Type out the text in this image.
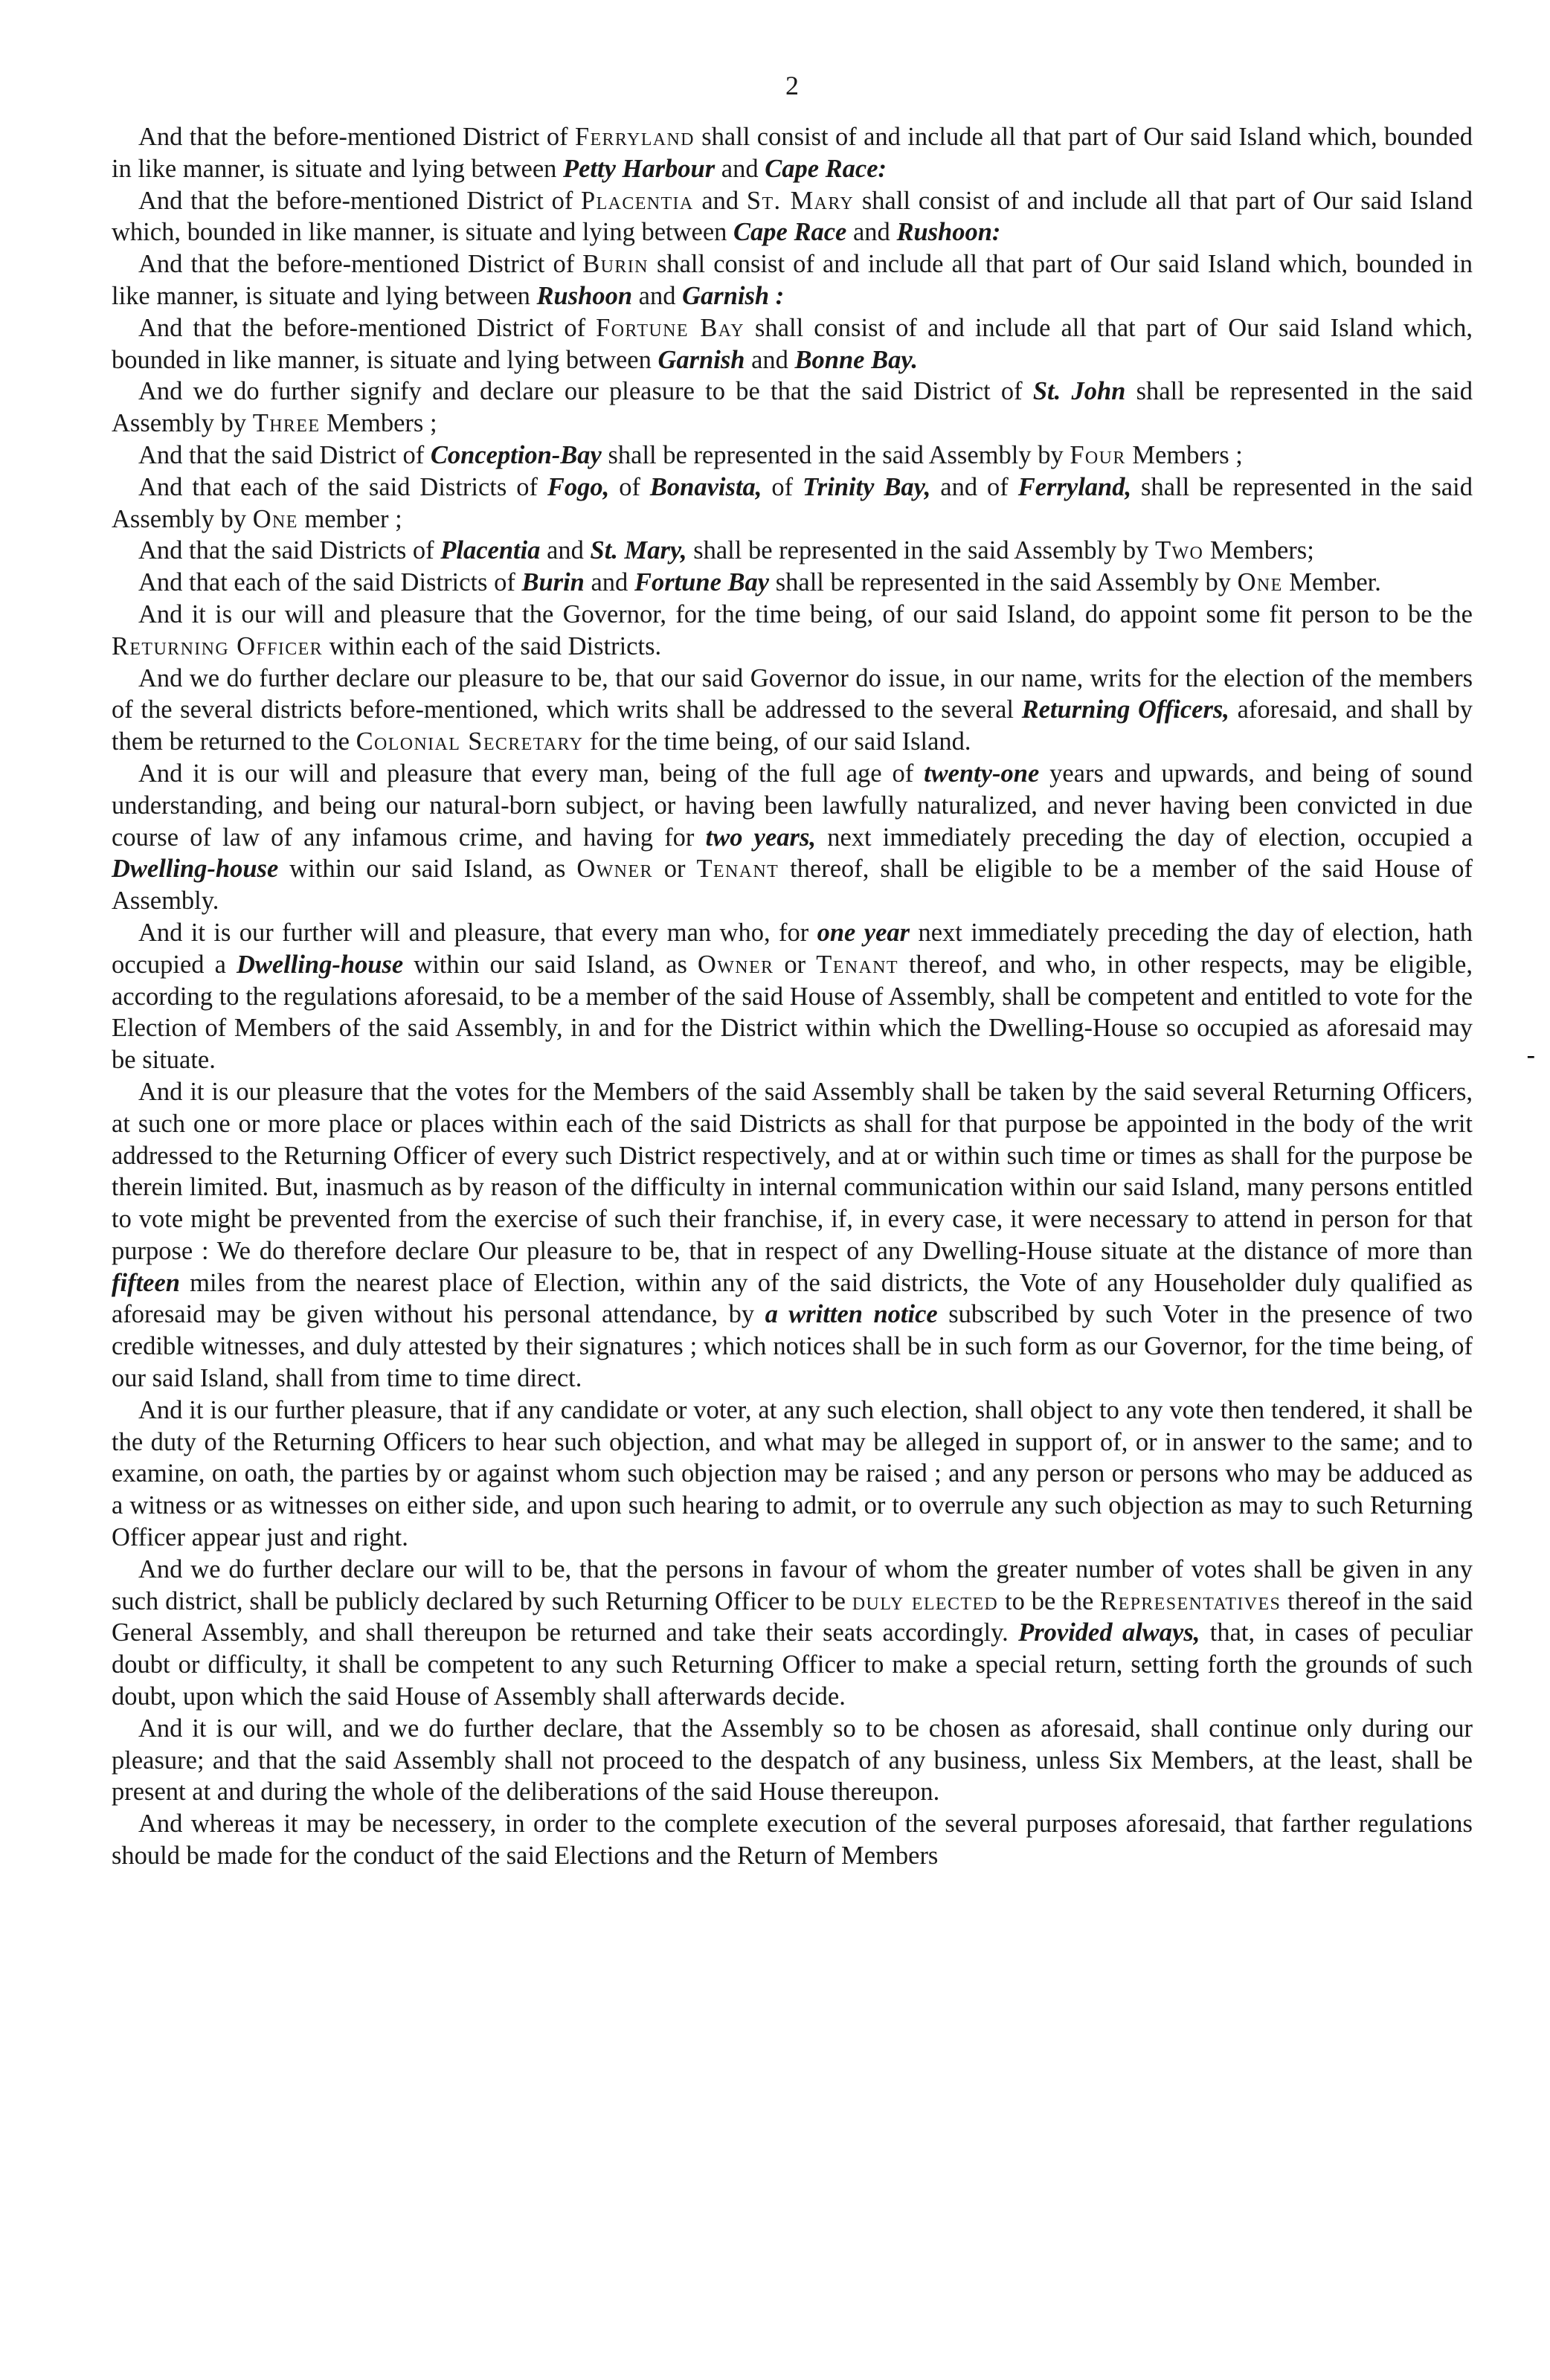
2

And that the before-mentioned District of Ferryland shall consist of and include all that part of Our said Island which, bounded in like manner, is situate and lying between Petty Harbour and Cape Race:

And that the before-mentioned District of Placentia and St. Mary shall consist of and include all that part of Our said Island which, bounded in like manner, is situate and lying between Cape Race and Rushoon:

And that the before-mentioned District of Burin shall consist of and include all that part of Our said Island which, bounded in like manner, is situate and lying between Rushoon and Garnish :

And that the before-mentioned District of Fortune Bay shall consist of and include all that part of Our said Island which, bounded in like manner, is situate and lying between Garnish and Bonne Bay.

And we do further signify and declare our pleasure to be that the said District of St. John shall be represented in the said Assembly by Three Members ;

And that the said District of Conception-Bay shall be represented in the said Assembly by Four Members ;

And that each of the said Districts of Fogo, of Bonavista, of Trinity Bay, and of Ferryland, shall be represented in the said Assembly by One member ;

And that the said Districts of Placentia and St. Mary, shall be represented in the said Assembly by Two Members;

And that each of the said Districts of Burin and Fortune Bay shall be represented in the said Assembly by One Member.

And it is our will and pleasure that the Governor, for the time being, of our said Island, do appoint some fit person to be the Returning Officer within each of the said Districts.

And we do further declare our pleasure to be, that our said Governor do issue, in our name, writs for the election of the members of the several districts before-mentioned, which writs shall be addressed to the several Returning Officers, aforesaid, and shall by them be returned to the Colonial Secretary for the time being, of our said Island.

And it is our will and pleasure that every man, being of the full age of twenty-one years and upwards, and being of sound understanding, and being our natural-born subject, or having been lawfully naturalized, and never having been convicted in due course of law of any infamous crime, and having for two years, next immediately preceding the day of election, occupied a Dwelling-house within our said Island, as Owner or Tenant thereof, shall be eligible to be a member of the said House of Assembly.

And it is our further will and pleasure, that every man who, for one year next immediately preceding the day of election, hath occupied a Dwelling-house within our said Island, as Owner or Tenant thereof, and who, in other respects, may be eligible, according to the regulations aforesaid, to be a member of the said House of Assembly, shall be competent and entitled to vote for the Election of Members of the said Assembly, in and for the District within which the Dwelling-House so occupied as aforesaid may be situate.

And it is our pleasure that the votes for the Members of the said Assembly shall be taken by the said several Returning Officers, at such one or more place or places within each of the said Districts as shall for that purpose be appointed in the body of the writ addressed to the Returning Officer of every such District respectively, and at or within such time or times as shall for the purpose be therein limited. But, inasmuch as by reason of the difficulty in internal communication within our said Island, many persons entitled to vote might be prevented from the exercise of such their franchise, if, in every case, it were necessary to attend in person for that purpose : We do therefore declare Our pleasure to be, that in respect of any Dwelling-House situate at the distance of more than fifteen miles from the nearest place of Election, within any of the said districts, the Vote of any Householder duly qualified as aforesaid may be given without his personal attendance, by a written notice subscribed by such Voter in the presence of two credible witnesses, and duly attested by their signatures ; which notices shall be in such form as our Governor, for the time being, of our said Island, shall from time to time direct.

And it is our further pleasure, that if any candidate or voter, at any such election, shall object to any vote then tendered, it shall be the duty of the Returning Officers to hear such objection, and what may be alleged in support of, or in answer to the same; and to examine, on oath, the parties by or against whom such objection may be raised ; and any person or persons who may be adduced as a witness or as witnesses on either side, and upon such hearing to admit, or to overrule any such objection as may to such Returning Officer appear just and right.

And we do further declare our will to be, that the persons in favour of whom the greater number of votes shall be given in any such district, shall be publicly declared by such Returning Officer to be duly elected to be the Representatives thereof in the said General Assembly, and shall thereupon be returned and take their seats accordingly. Provided always, that, in cases of peculiar doubt or difficulty, it shall be competent to any such Returning Officer to make a special return, setting forth the grounds of such doubt, upon which the said House of Assembly shall afterwards decide.

And it is our will, and we do further declare, that the Assembly so to be chosen as aforesaid, shall continue only during our pleasure; and that the said Assembly shall not proceed to the despatch of any business, unless Six Members, at the least, shall be present at and during the whole of the deliberations of the said House thereupon.

And whereas it may be necessery, in order to the complete execution of the several purposes aforesaid, that farther regulations should be made for the conduct of the said Elections and the Return of Members

-
